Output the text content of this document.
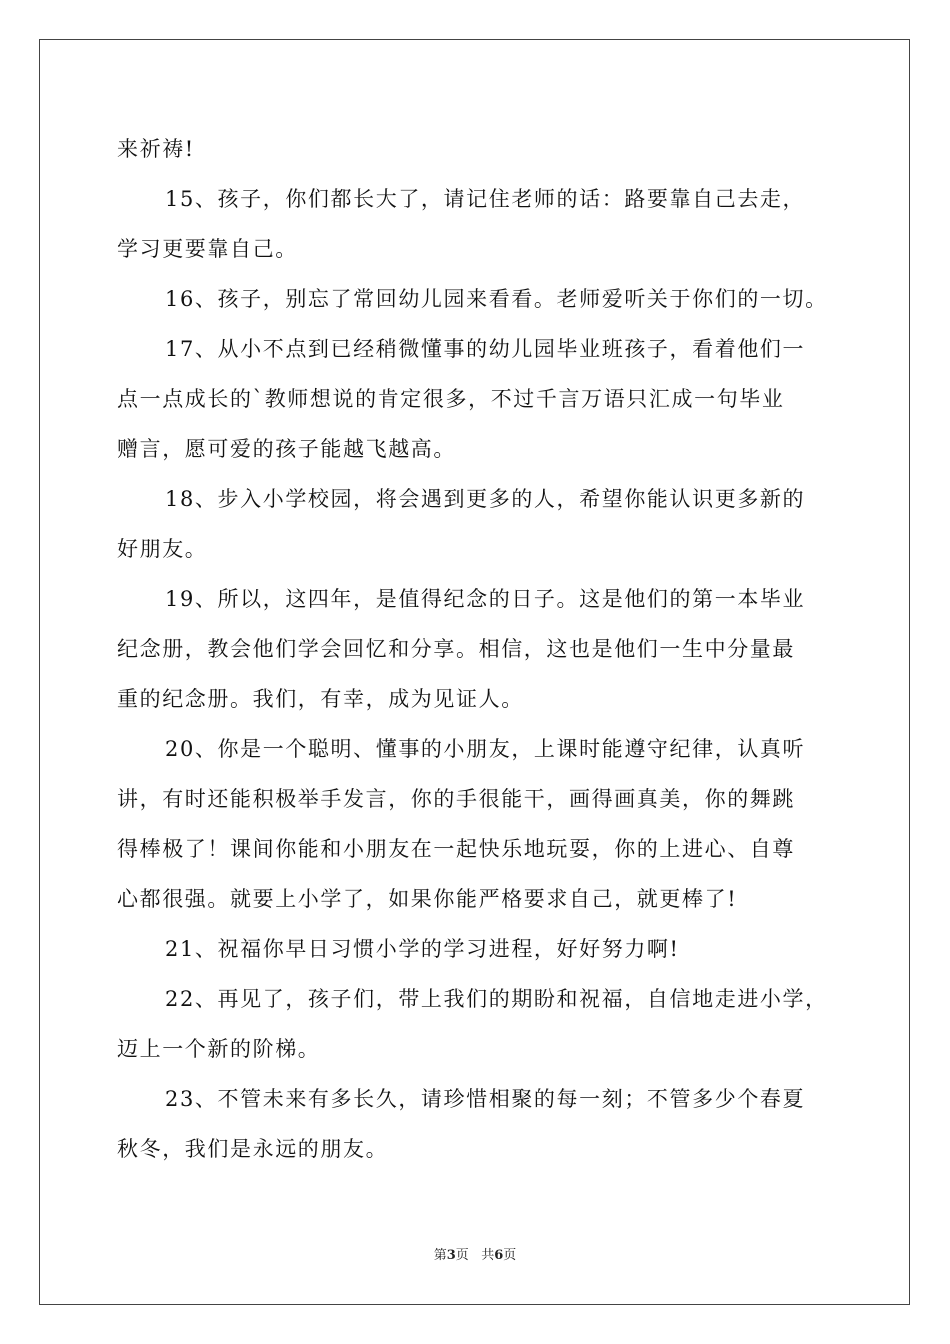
来祈祷!
15、孩子，你们都长大了，请记住老师的话：路要靠自己去走，
学习更要靠自己。
16、孩子，别忘了常回幼儿园来看看。老师爱听关于你们的一切。
17、从小不点到已经稍微懂事的幼儿园毕业班孩子，看着他们一
点一点成长的`教师想说的肯定很多，不过千言万语只汇成一句毕业
赠言，愿可爱的孩子能越飞越高。
18、步入小学校园，将会遇到更多的人，希望你能认识更多新的
好朋友。
19、所以，这四年，是值得纪念的日子。这是他们的第一本毕业
纪念册，教会他们学会回忆和分享。相信，这也是他们一生中分量最
重的纪念册。我们，有幸，成为见证人。
20、你是一个聪明、懂事的小朋友，上课时能遵守纪律，认真听
讲，有时还能积极举手发言，你的手很能干，画得画真美，你的舞跳
得棒极了！课间你能和小朋友在一起快乐地玩耍，你的上进心、自尊
心都很强。就要上小学了，如果你能严格要求自己，就更棒了!
21、祝福你早日习惯小学的学习进程，好好努力啊!
22、再见了，孩子们，带上我们的期盼和祝福，自信地走进小学，
迈上一个新的阶梯。
23、不管未来有多长久，请珍惜相聚的每一刻；不管多少个春夏
秋冬，我们是永远的朋友。
第3页 共6页
